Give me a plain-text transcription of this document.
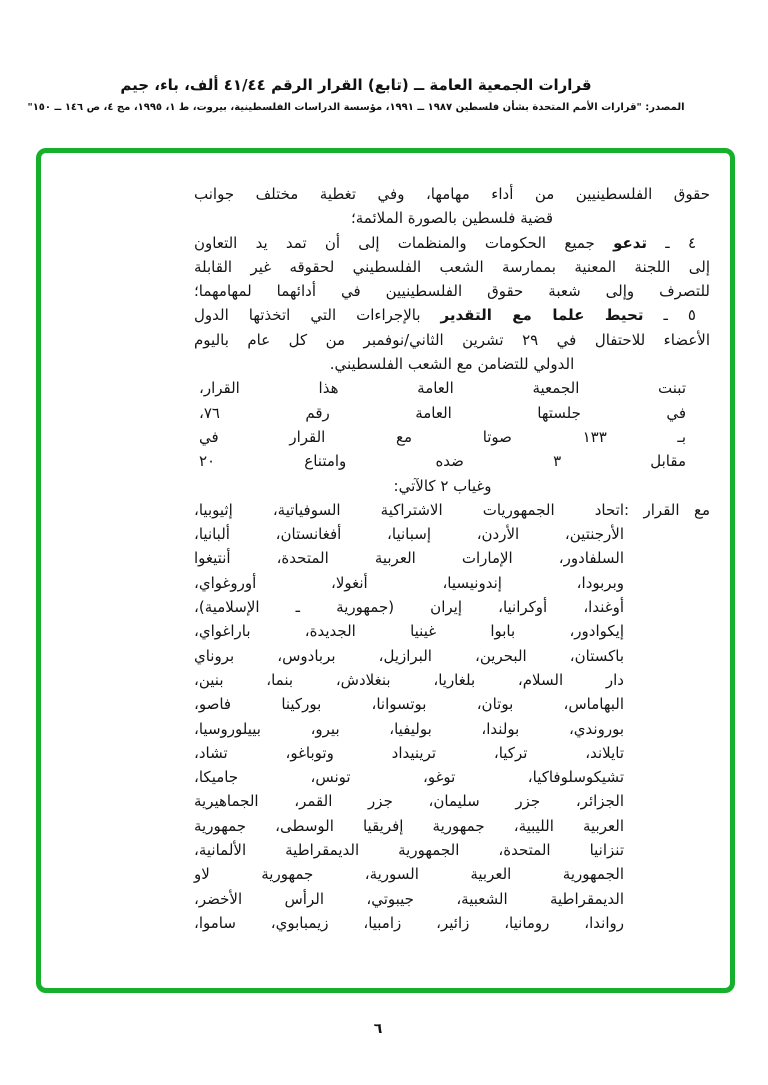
قرارات الجمعية العامة ــ (تابع) القرار الرقم ٤١/٤٤ ألف، باء، جيم
المصدر: "قرارات الأمم المتحدة بشأن فلسطين ١٩٨٧ ــ ١٩٩١، مؤسسة الدراسات الفلسطينية، بيروت، ط ١، ١٩٩٥، مج ٤، ص ١٤٦ ــ ١٥٠"
حقوق الفلسطينيين من أداء مهامها، وفي تغطية مختلف جوانب
قضية فلسطين بالصورة الملائمة؛
٤ ـ تدعو جميع الحكومات والمنظمات إلى أن تمد يد التعاون
إلى اللجنة المعنية بممارسة الشعب الفلسطيني لحقوقه غير القابلة
للتصرف وإلى شعبة حقوق الفلسطينيين في أدائهما لمهامهما؛
٥ ـ تحيط علما مع التقدير بالإجراءات التي اتخذتها الدول
الأعضاء للاحتفال في ٢٩ تشرين الثاني/نوفمبر من كل عام باليوم
الدولي للتضامن مع الشعب الفلسطيني.
تبنت الجمعية العامة هذا القرار،
في جلستها العامة رقم ٧٦،
بـ ١٣٣ صوتا مع القرار في
مقابل ٣ ضده وامتناع ٢٠
وغياب ٢ كالآتي:
مع القرار :
اتحاد الجمهوريات الاشتراكية السوفياتية، إثيوبيا،
الأرجنتين، الأردن، إسبانيا، أفغانستان، ألبانيا،
السلفادور، الإمارات العربية المتحدة، أنتيغوا
وبربودا، إندونيسيا، أنغولا، أوروغواي،
أوغندا، أوكرانيا، إيران (جمهورية ـ الإسلامية)،
إيكوادور، بابوا غينيا الجديدة، باراغواي،
باكستان، البحرين، البرازيل، بربادوس، بروناي
دار السلام، بلغاريا، بنغلادش، بنما، بنين،
البهاماس، بوتان، بوتسوانا، بوركينا فاصو،
بوروندي، بولندا، بوليفيا، بيرو، بييلوروسيا،
تايلاند، تركيا، ترينيداد وتوباغو، تشاد،
تشيكوسلوفاكيا، توغو، تونس، جاميكا،
الجزائر، جزر سليمان، جزر القمر، الجماهيرية
العربية الليبية، جمهورية إفريقيا الوسطى، جمهورية
تنزانيا المتحدة، الجمهورية الديمقراطية الألمانية،
الجمهورية العربية السورية، جمهورية لاو
الديمقراطية الشعبية، جيبوتي، الرأس الأخضر،
رواندا، رومانيا، زائير، زامبيا، زيمبابوي، ساموا،
٦
